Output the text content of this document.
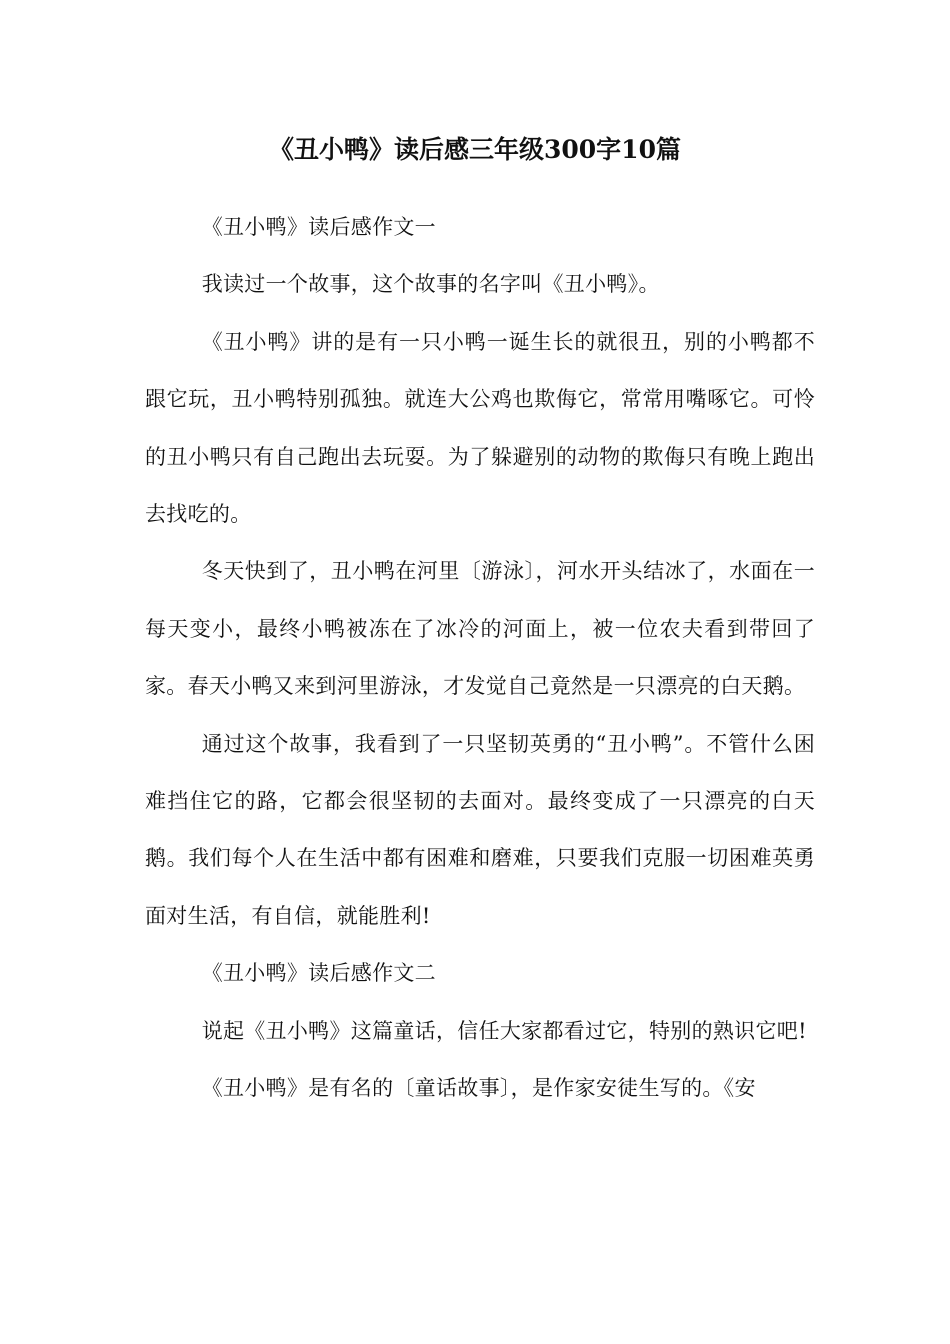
《丑小鸭》读后感三年级300字10篇

《丑小鸭》读后感作文一

我读过一个故事，这个故事的名字叫《丑小鸭》。

《丑小鸭》讲的是有一只小鸭一诞生长的就很丑，别的小鸭都不跟它玩，丑小鸭特别孤独。就连大公鸡也欺侮它，常常用嘴啄它。可怜的丑小鸭只有自己跑出去玩耍。为了躲避别的动物的欺侮只有晚上跑出去找吃的。

冬天快到了，丑小鸭在河里〔游泳〕，河水开头结冰了，水面在一每天变小，最终小鸭被冻在了冰冷的河面上，被一位农夫看到带回了家。春天小鸭又来到河里游泳，才发觉自己竟然是一只漂亮的白天鹅。

通过这个故事，我看到了一只坚韧英勇的“丑小鸭”。不管什么困难挡住它的路，它都会很坚韧的去面对。最终变成了一只漂亮的白天鹅。我们每个人在生活中都有困难和磨难，只要我们克服一切困难英勇面对生活，有自信，就能胜利!

《丑小鸭》读后感作文二

说起《丑小鸭》这篇童话，信任大家都看过它，特别的熟识它吧!

《丑小鸭》是有名的〔童话故事〕，是作家安徒生写的。《安
